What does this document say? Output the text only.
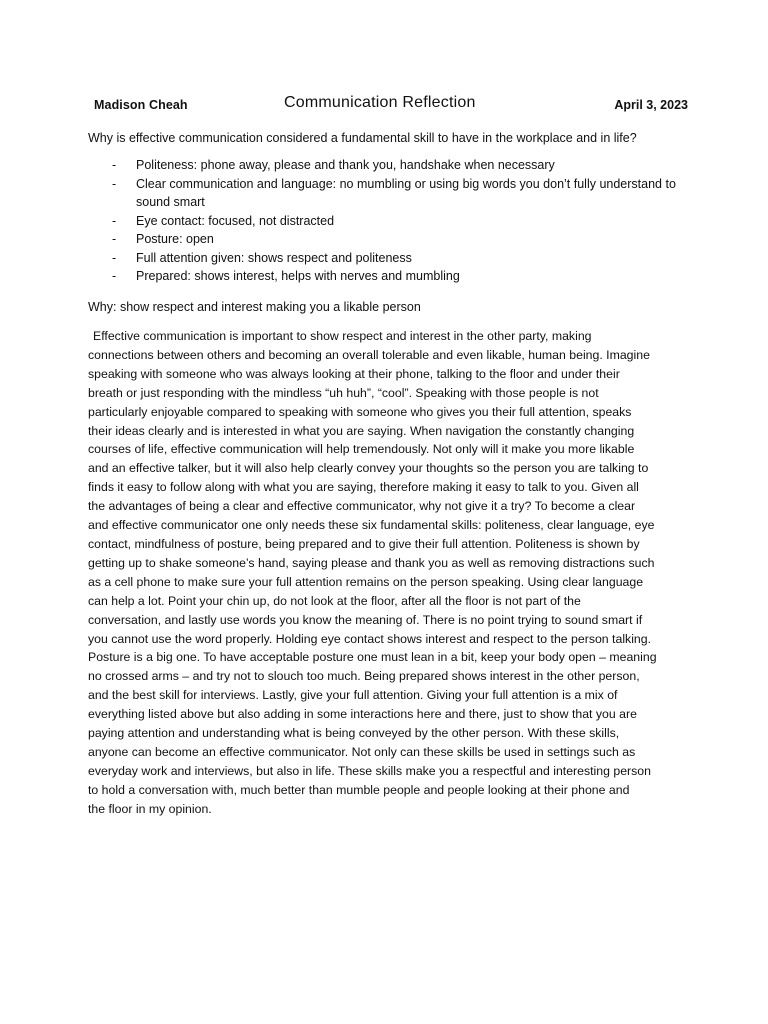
Madison Cheah	Communication Reflection	April 3, 2023
Why is effective communication considered a fundamental skill to have in the workplace and in life?
- Politeness: phone away, please and thank you, handshake when necessary
- Clear communication and language: no mumbling or using big words you don’t fully understand to sound smart
- Eye contact: focused, not distracted
- Posture: open
- Full attention given: shows respect and politeness
- Prepared: shows interest, helps with nerves and mumbling
Why: show respect and interest making you a likable person

Effective communication is important to show respect and interest in the other party, making
connections between others and becoming an overall tolerable and even likable, human being. Imagine
speaking with someone who was always looking at their phone, talking to the floor and under their
breath or just responding with the mindless “uh huh”, “cool”. Speaking with those people is not
particularly enjoyable compared to speaking with someone who gives you their full attention, speaks
their ideas clearly and is interested in what you are saying. When navigation the constantly changing
courses of life, effective communication will help tremendously. Not only will it make you more likable
and an effective talker, but it will also help clearly convey your thoughts so the person you are talking to
finds it easy to follow along with what you are saying, therefore making it easy to talk to you. Given all
the advantages of being a clear and effective communicator, why not give it a try? To become a clear
and effective communicator one only needs these six fundamental skills: politeness, clear language, eye
contact, mindfulness of posture, being prepared and to give their full attention. Politeness is shown by
getting up to shake someone’s hand, saying please and thank you as well as removing distractions such
as a cell phone to make sure your full attention remains on the person speaking. Using clear language
can help a lot. Point your chin up, do not look at the floor, after all the floor is not part of the
conversation, and lastly use words you know the meaning of. There is no point trying to sound smart if
you cannot use the word properly. Holding eye contact shows interest and respect to the person talking.
Posture is a big one. To have acceptable posture one must lean in a bit, keep your body open – meaning
no crossed arms – and try not to slouch too much. Being prepared shows interest in the other person,
and the best skill for interviews. Lastly, give your full attention. Giving your full attention is a mix of
everything listed above but also adding in some interactions here and there, just to show that you are
paying attention and understanding what is being conveyed by the other person. With these skills,
anyone can become an effective communicator. Not only can these skills be used in settings such as
everyday work and interviews, but also in life. These skills make you a respectful and interesting person
to hold a conversation with, much better than mumble people and people looking at their phone and
the floor in my opinion.
